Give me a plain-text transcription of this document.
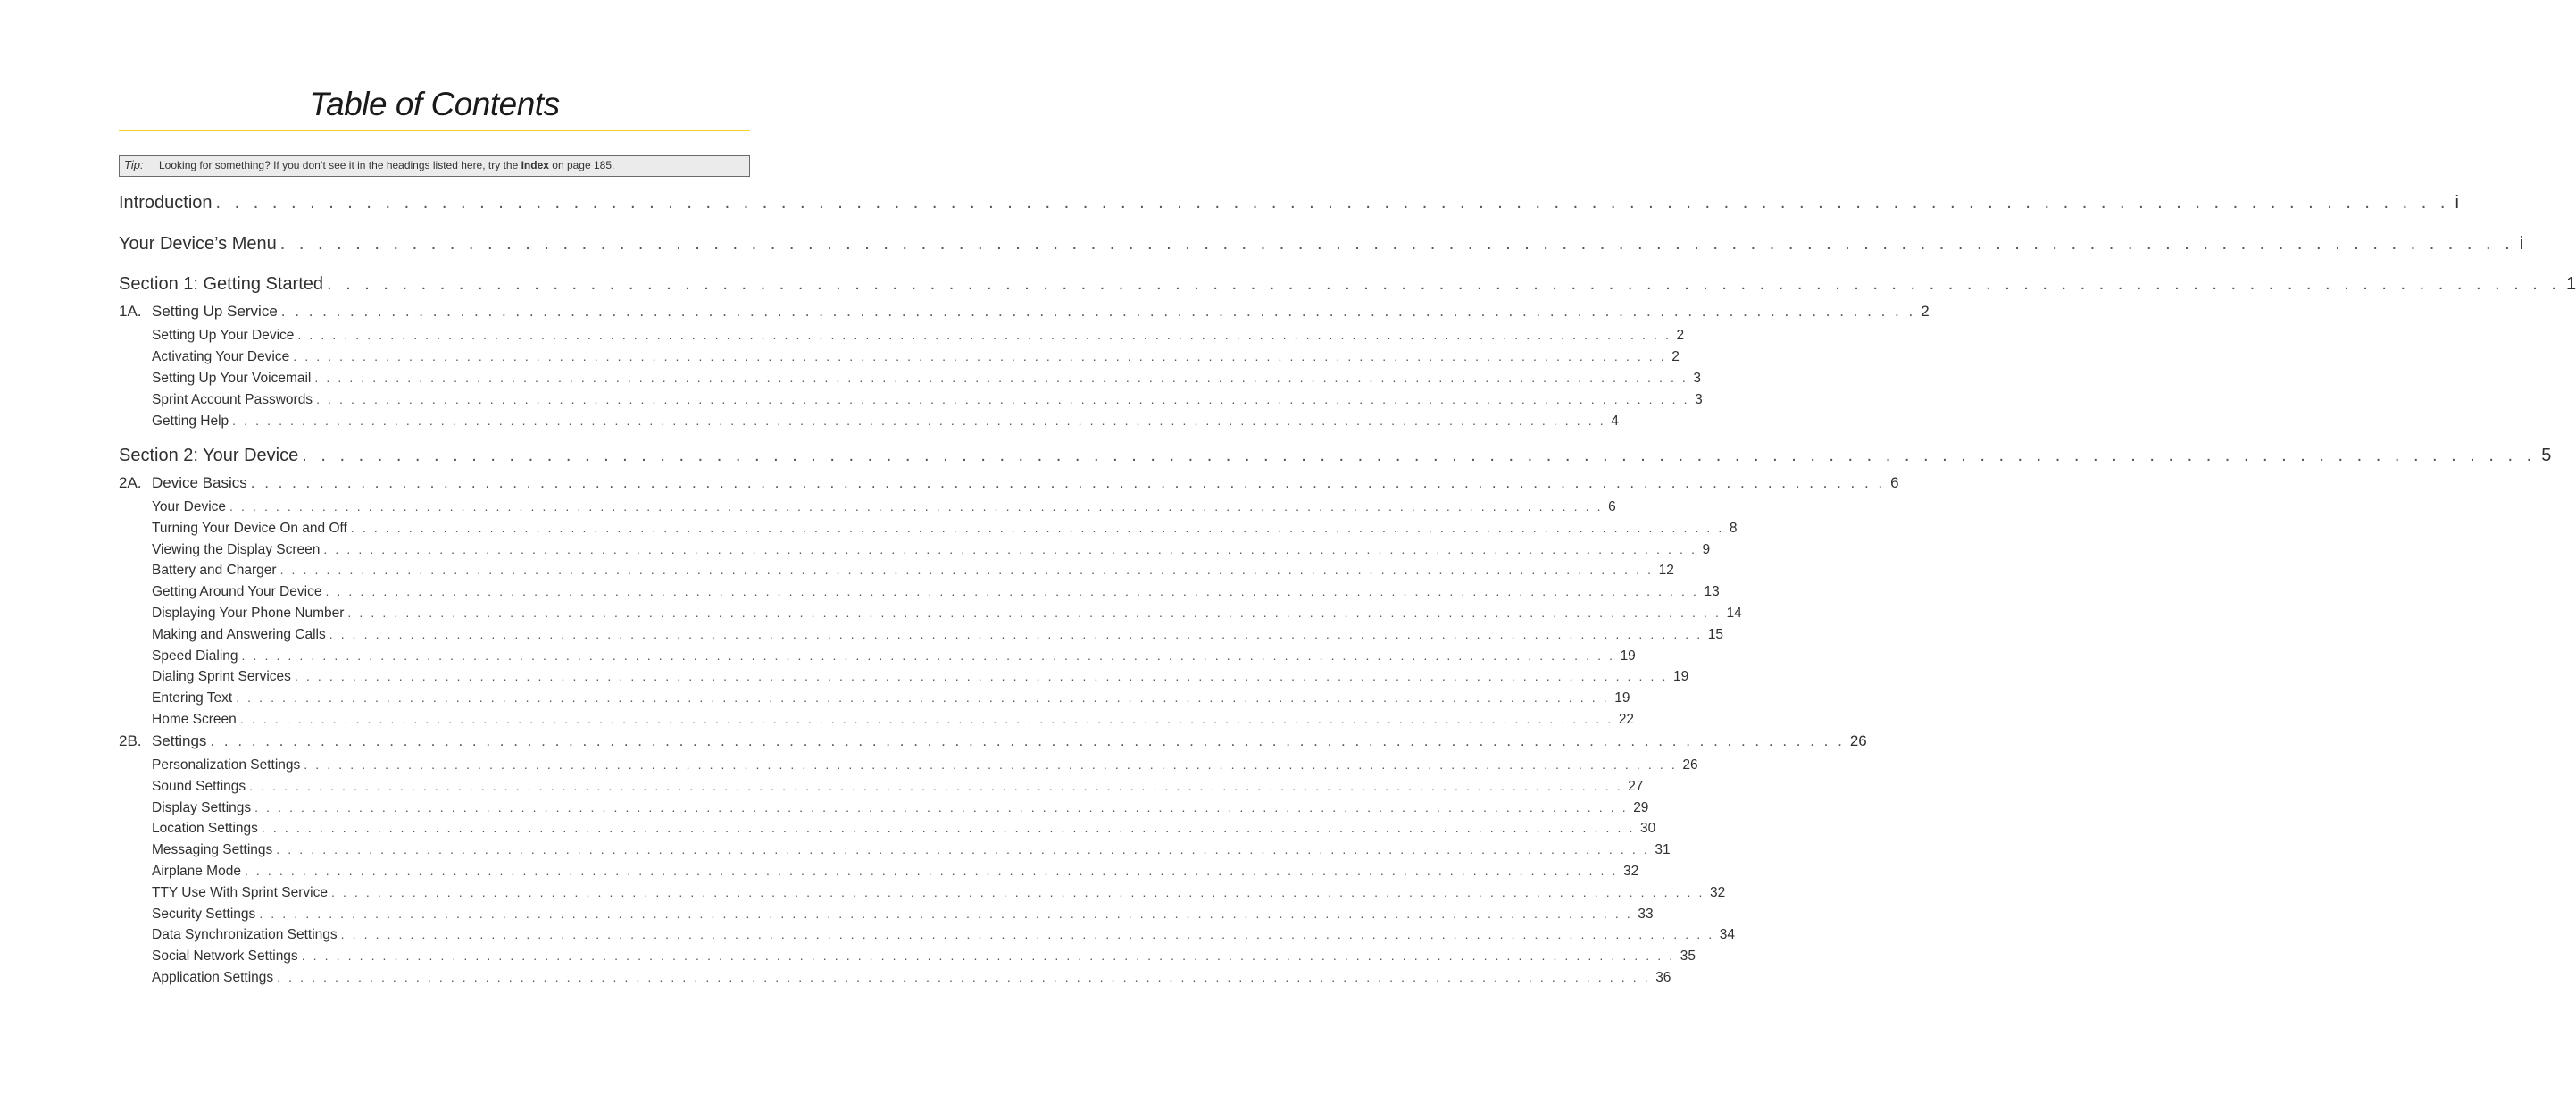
Table of Contents
Tip: Looking for something? If you don’t see it in the headings listed here, try the Index on page 185.
Introduction . . . . . . . . . . . . . . . . . . . . . . . . . . . . . . . . . . . . . . . . . . . . . . . . . . . . . . . . . . . . . . . . . . . . . . . . . . . . . . . . . . . . . . . . . . . . . . . . . . . . . . . . . . . . . . . . . . . . . . . i
Your Device’s Menu . . . . . . . . . . . . . . . . . . . . . . . . . . . . . . . . . . . . . . . . . . . . . . . . . . . . . . . . . . . . . . . . . . . . . . . . . . . . . . . . . . . . . . . . . . . . . . . . . . . . . . . . . . . . . . . . . . . . . . . i
Section 1: Getting Started . . . . . . . . . . . . . . . . . . . . . . . . . . . . . . . . . . . . . . . . . . . . . . . . . . . . . . . . . . . . . . . . . . . . . . . . . . . . . . . . . . . . . . . . . . . . . . . . . . . . . . . . . . . . . . . . . . . . . . . 1
1A. Setting Up Service . . . . . . . . . . . . . . . . . . . . . . . . . . . . . . . . . . . . . . . . . . . . . . . . . . . . . . . . . . . . . . . . . . . . . . . . . . . . . . . . . . . . . . . . . . . . . . . . . . . . . . . . . . . . . . . . . . . . . . . 2
Setting Up Your Device . . . . . . . . . . . . . . . . . . . . . . . . . . . . . . . . . . . . . . . . . . . . . . . . . . . . . . . . . . . . . . . . . . . . . . . . . . . . . . . . . . . . . . . . . . . . . . . . . . . . . . . . . . . . . . . . . . . . . . . 2
Activating Your Device . . . . . . . . . . . . . . . . . . . . . . . . . . . . . . . . . . . . . . . . . . . . . . . . . . . . . . . . . . . . . . . . . . . . . . . . . . . . . . . . . . . . . . . . . . . . . . . . . . . . . . . . . . . . . . . . . . . . . . . 2
Setting Up Your Voicemail . . . . . . . . . . . . . . . . . . . . . . . . . . . . . . . . . . . . . . . . . . . . . . . . . . . . . . . . . . . . . . . . . . . . . . . . . . . . . . . . . . . . . . . . . . . . . . . . . . . . . . . . . . . . . . . . . . . . . . . 3
Sprint Account Passwords . . . . . . . . . . . . . . . . . . . . . . . . . . . . . . . . . . . . . . . . . . . . . . . . . . . . . . . . . . . . . . . . . . . . . . . . . . . . . . . . . . . . . . . . . . . . . . . . . . . . . . . . . . . . . . . . . . . . . . . 3
Getting Help . . . . . . . . . . . . . . . . . . . . . . . . . . . . . . . . . . . . . . . . . . . . . . . . . . . . . . . . . . . . . . . . . . . . . . . . . . . . . . . . . . . . . . . . . . . . . . . . . . . . . . . . . . . . . . . . . . . . . . . 4
Section 2: Your Device . . . . . . . . . . . . . . . . . . . . . . . . . . . . . . . . . . . . . . . . . . . . . . . . . . . . . . . . . . . . . . . . . . . . . . . . . . . . . . . . . . . . . . . . . . . . . . . . . . . . . . . . . . . . . . . . . . . . . . . 5
2A. Device Basics . . . . . . . . . . . . . . . . . . . . . . . . . . . . . . . . . . . . . . . . . . . . . . . . . . . . . . . . . . . . . . . . . . . . . . . . . . . . . . . . . . . . . . . . . . . . . . . . . . . . . . . . . . . . . . . . . . . . . . . 6
Your Device . . . . . . . . . . . . . . . . . . . . . . . . . . . . . . . . . . . . . . . . . . . . . . . . . . . . . . . . . . . . . . . . . . . . . . . . . . . . . . . . . . . . . . . . . . . . . . . . . . . . . . . . . . . . . . . . . . . . . . . 6
Turning Your Device On and Off . . . . . . . . . . . . . . . . . . . . . . . . . . . . . . . . . . . . . . . . . . . . . . . . . . . . . . . . . . . . . . . . . . . . . . . . . . . . . . . . . . . . . . . . . . . . . . . . . . . . . . . . . . . . . . . . . . . . . . . 8
Viewing the Display Screen . . . . . . . . . . . . . . . . . . . . . . . . . . . . . . . . . . . . . . . . . . . . . . . . . . . . . . . . . . . . . . . . . . . . . . . . . . . . . . . . . . . . . . . . . . . . . . . . . . . . . . . . . . . . . . . . . . . . . . . 9
Battery and Charger . . . . . . . . . . . . . . . . . . . . . . . . . . . . . . . . . . . . . . . . . . . . . . . . . . . . . . . . . . . . . . . . . . . . . . . . . . . . . . . . . . . . . . . . . . . . . . . . . . . . . . . . . . . . . . . . . . . . . . . 12
Getting Around Your Device . . . . . . . . . . . . . . . . . . . . . . . . . . . . . . . . . . . . . . . . . . . . . . . . . . . . . . . . . . . . . . . . . . . . . . . . . . . . . . . . . . . . . . . . . . . . . . . . . . . . . . . . . . . . . . . . . . . . . . . 13
Displaying Your Phone Number . . . . . . . . . . . . . . . . . . . . . . . . . . . . . . . . . . . . . . . . . . . . . . . . . . . . . . . . . . . . . . . . . . . . . . . . . . . . . . . . . . . . . . . . . . . . . . . . . . . . . . . . . . . . . . . . . . . . . . . 14
Making and Answering Calls . . . . . . . . . . . . . . . . . . . . . . . . . . . . . . . . . . . . . . . . . . . . . . . . . . . . . . . . . . . . . . . . . . . . . . . . . . . . . . . . . . . . . . . . . . . . . . . . . . . . . . . . . . . . . . . . . . . . . . . 15
Speed Dialing . . . . . . . . . . . . . . . . . . . . . . . . . . . . . . . . . . . . . . . . . . . . . . . . . . . . . . . . . . . . . . . . . . . . . . . . . . . . . . . . . . . . . . . . . . . . . . . . . . . . . . . . . . . . . . . . . . . . . . . 19
Dialing Sprint Services . . . . . . . . . . . . . . . . . . . . . . . . . . . . . . . . . . . . . . . . . . . . . . . . . . . . . . . . . . . . . . . . . . . . . . . . . . . . . . . . . . . . . . . . . . . . . . . . . . . . . . . . . . . . . . . . . . . . . . . 19
Entering Text . . . . . . . . . . . . . . . . . . . . . . . . . . . . . . . . . . . . . . . . . . . . . . . . . . . . . . . . . . . . . . . . . . . . . . . . . . . . . . . . . . . . . . . . . . . . . . . . . . . . . . . . . . . . . . . . . . . . . . . 19
Home Screen . . . . . . . . . . . . . . . . . . . . . . . . . . . . . . . . . . . . . . . . . . . . . . . . . . . . . . . . . . . . . . . . . . . . . . . . . . . . . . . . . . . . . . . . . . . . . . . . . . . . . . . . . . . . . . . . . . . . . . . 22
2B. Settings . . . . . . . . . . . . . . . . . . . . . . . . . . . . . . . . . . . . . . . . . . . . . . . . . . . . . . . . . . . . . . . . . . . . . . . . . . . . . . . . . . . . . . . . . . . . . . . . . . . . . . . . . . . . . . . . . . . . . . . 26
Personalization Settings . . . . . . . . . . . . . . . . . . . . . . . . . . . . . . . . . . . . . . . . . . . . . . . . . . . . . . . . . . . . . . . . . . . . . . . . . . . . . . . . . . . . . . . . . . . . . . . . . . . . . . . . . . . . . . . . . . . . . . . 26
Sound Settings . . . . . . . . . . . . . . . . . . . . . . . . . . . . . . . . . . . . . . . . . . . . . . . . . . . . . . . . . . . . . . . . . . . . . . . . . . . . . . . . . . . . . . . . . . . . . . . . . . . . . . . . . . . . . . . . . . . . . . . 27
Display Settings . . . . . . . . . . . . . . . . . . . . . . . . . . . . . . . . . . . . . . . . . . . . . . . . . . . . . . . . . . . . . . . . . . . . . . . . . . . . . . . . . . . . . . . . . . . . . . . . . . . . . . . . . . . . . . . . . . . . . . . 29
Location Settings . . . . . . . . . . . . . . . . . . . . . . . . . . . . . . . . . . . . . . . . . . . . . . . . . . . . . . . . . . . . . . . . . . . . . . . . . . . . . . . . . . . . . . . . . . . . . . . . . . . . . . . . . . . . . . . . . . . . . . . 30
Messaging Settings . . . . . . . . . . . . . . . . . . . . . . . . . . . . . . . . . . . . . . . . . . . . . . . . . . . . . . . . . . . . . . . . . . . . . . . . . . . . . . . . . . . . . . . . . . . . . . . . . . . . . . . . . . . . . . . . . . . . . . . 31
Airplane Mode . . . . . . . . . . . . . . . . . . . . . . . . . . . . . . . . . . . . . . . . . . . . . . . . . . . . . . . . . . . . . . . . . . . . . . . . . . . . . . . . . . . . . . . . . . . . . . . . . . . . . . . . . . . . . . . . . . . . . . . 32
TTY Use With Sprint Service . . . . . . . . . . . . . . . . . . . . . . . . . . . . . . . . . . . . . . . . . . . . . . . . . . . . . . . . . . . . . . . . . . . . . . . . . . . . . . . . . . . . . . . . . . . . . . . . . . . . . . . . . . . . . . . . . . . . . . . 32
Security Settings . . . . . . . . . . . . . . . . . . . . . . . . . . . . . . . . . . . . . . . . . . . . . . . . . . . . . . . . . . . . . . . . . . . . . . . . . . . . . . . . . . . . . . . . . . . . . . . . . . . . . . . . . . . . . . . . . . . . . . . 33
Data Synchronization Settings . . . . . . . . . . . . . . . . . . . . . . . . . . . . . . . . . . . . . . . . . . . . . . . . . . . . . . . . . . . . . . . . . . . . . . . . . . . . . . . . . . . . . . . . . . . . . . . . . . . . . . . . . . . . . . . . . . . . . . . 34
Social Network Settings . . . . . . . . . . . . . . . . . . . . . . . . . . . . . . . . . . . . . . . . . . . . . . . . . . . . . . . . . . . . . . . . . . . . . . . . . . . . . . . . . . . . . . . . . . . . . . . . . . . . . . . . . . . . . . . . . . . . . . . 35
Application Settings . . . . . . . . . . . . . . . . . . . . . . . . . . . . . . . . . . . . . . . . . . . . . . . . . . . . . . . . . . . . . . . . . . . . . . . . . . . . . . . . . . . . . . . . . . . . . . . . . . . . . . . . . . . . . . . . . . . . . . . 36
